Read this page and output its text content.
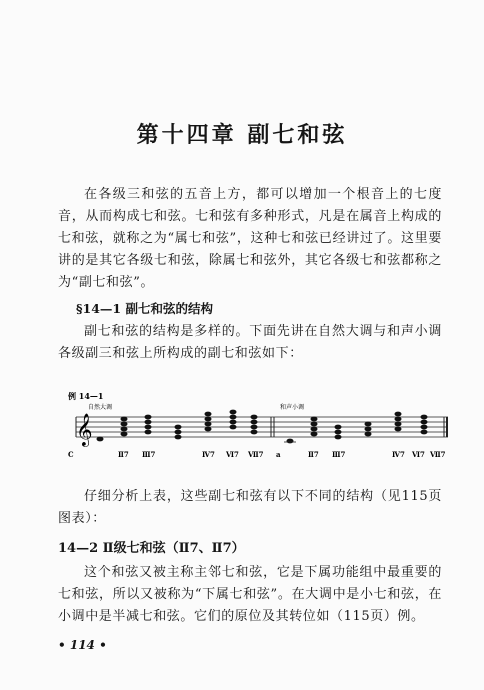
第十四章 副七和弦
在各级三和弦的五音上方，都可以增加一个根音上的七度音，从而构成七和弦。七和弦有多种形式，凡是在属音上构成的七和弦，就称之为“属七和弦”，这种七和弦已经讲过了。这里要讲的是其它各级七和弦，除属七和弦外，其它各级七和弦都称之为“副七和弦”。
§14—1 副七和弦的结构
副七和弦的结构是多样的。下面先讲在自然大调与和声小调各级副三和弦上所构成的副七和弦如下：
例 14—1
自然大调	和声小调
𝄞
C	Ⅱ7 Ⅲ7	Ⅳ7 Ⅵ7 Ⅶ7 a	Ⅱ7 Ⅲ7	Ⅳ7 Ⅵ7 Ⅶ7
仔细分析上表，这些副七和弦有以下不同的结构（见115页图表）：
14—2 Ⅱ级七和弦（Ⅱ7、Ⅱ7）
这个和弦又被主称主邻七和弦，它是下属功能组中最重要的七和弦，所以又被称为“下属七和弦”。在大调中是小七和弦，在小调中是半减七和弦。它们的原位及其转位如（115页）例。
• 114 •
